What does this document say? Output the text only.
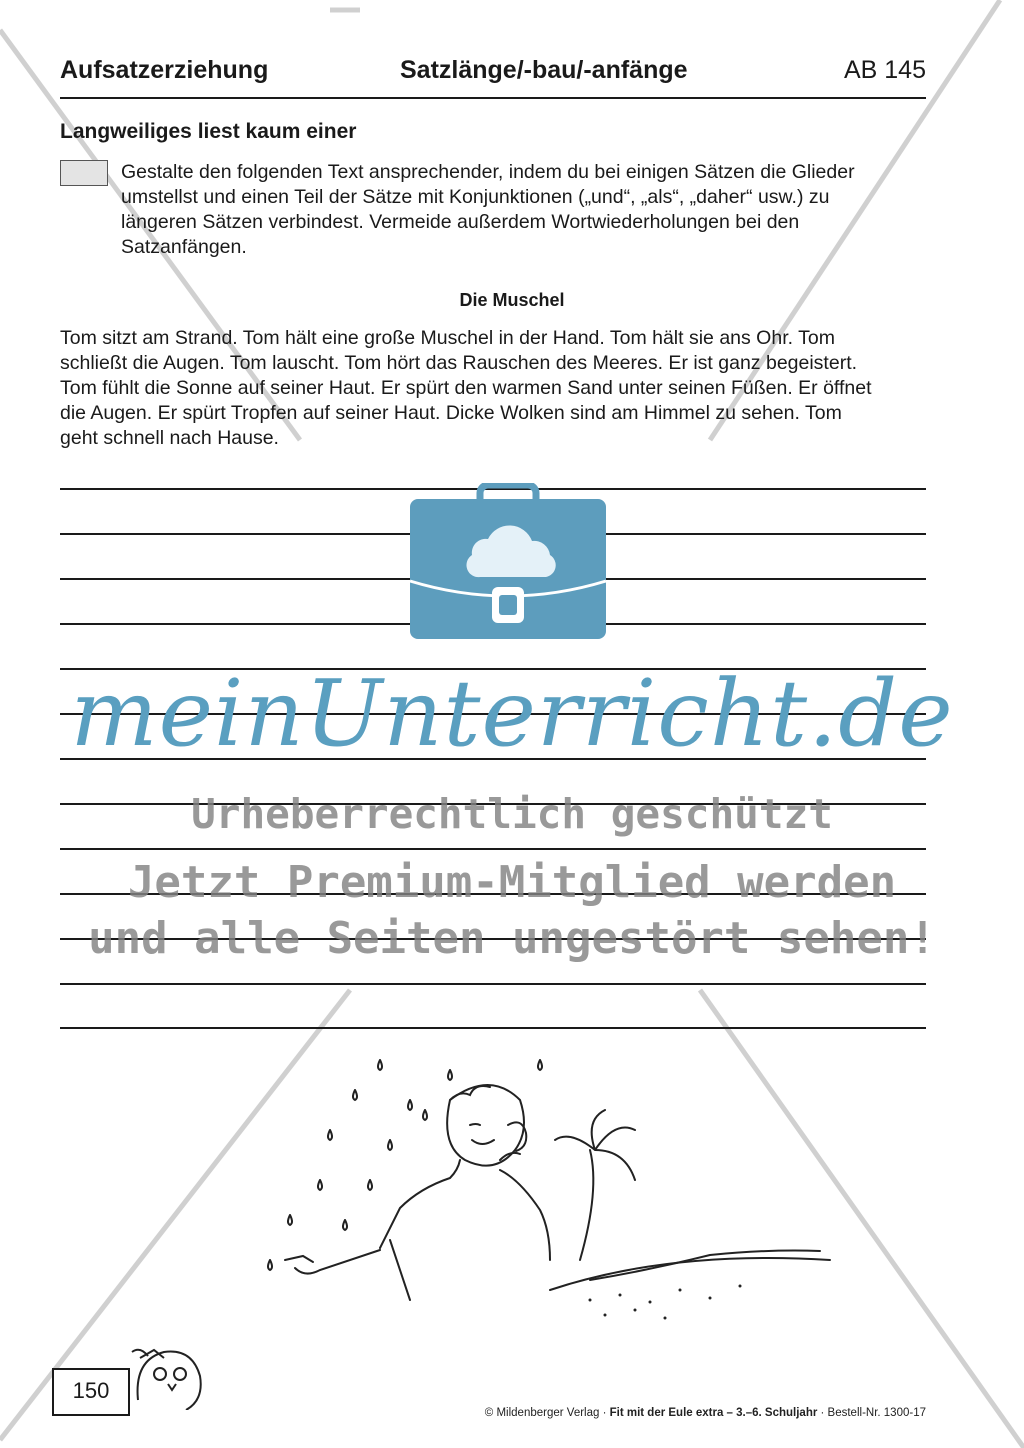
Aufsatzerziehung	Satzlänge/-bau/-anfänge	AB 145
Langweiliges liest kaum einer
Gestalte den folgenden Text ansprechender, indem du bei einigen Sätzen die Glieder
umstellst und einen Teil der Sätze mit Konjunktionen („und“, „als“, „daher“ usw.) zu
längeren Sätzen verbindest. Vermeide außerdem Wortwiederholungen bei den
Satzanfängen.
Die Muschel
Tom sitzt am Strand. Tom hält eine große Muschel in der Hand. Tom hält sie ans Ohr. Tom
schließt die Augen. Tom lauscht. Tom hört das Rauschen des Meeres. Er ist ganz begeistert.
Tom fühlt die Sonne auf seiner Haut. Er spürt den warmen Sand unter seinen Füßen. Er öffnet
die Augen. Er spürt Tropfen auf seiner Haut. Dicke Wolken sind am Himmel zu sehen. Tom
geht schnell nach Hause.
meinUnterricht.de
Urheberrechtlich geschützt
Jetzt Premium-Mitglied werden
und alle Seiten ungestört sehen!
150
© Mildenberger Verlag · Fit mit der Eule extra – 3.–6. Schuljahr · Bestell-Nr. 1300-17
